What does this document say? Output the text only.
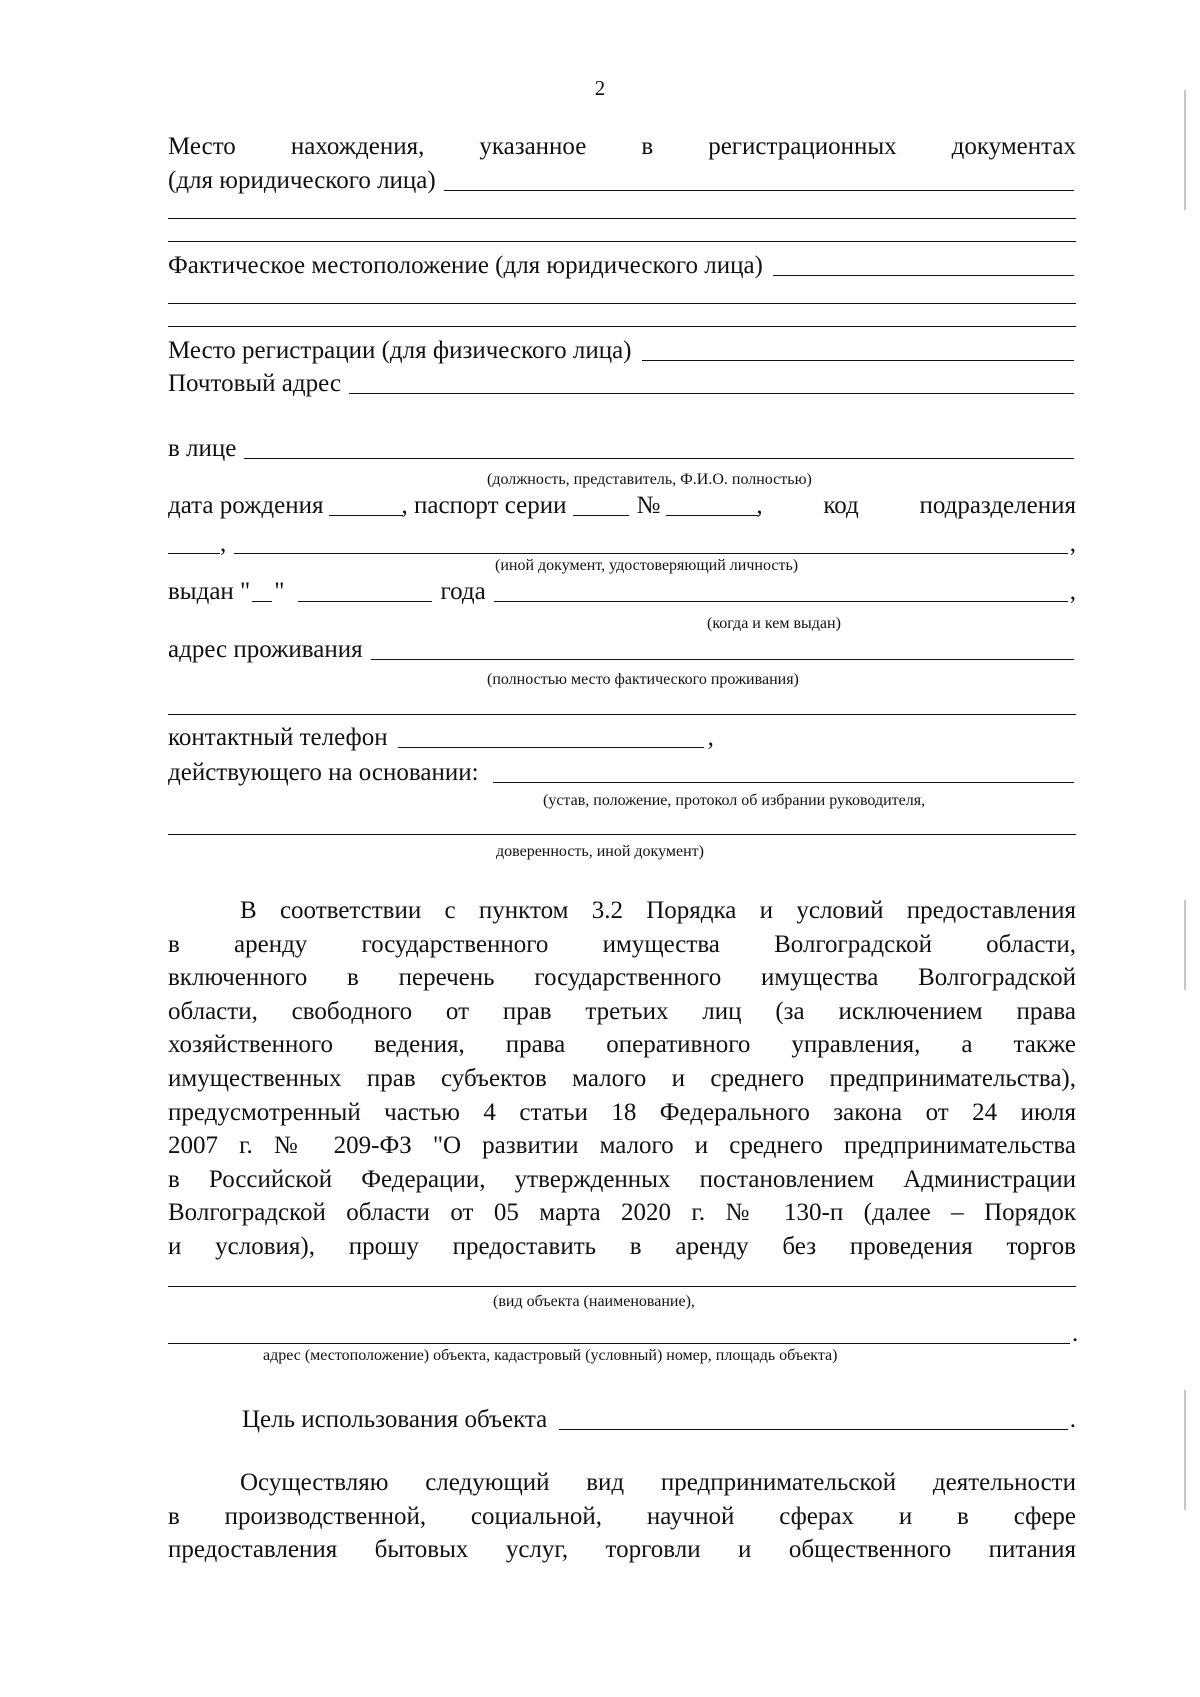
2
Место нахождения, указанное в регистрационных документах
(для юридического лица)
Фактическое местоположение (для юридического лица)
Место регистрации (для физического лица)
Почтовый адрес
в лице
(должность, представитель, Ф.И.О. полностью)
дата рождения	, паспорт серии	№	, код подразделения
,	,
(иной документ, удостоверяющий личность)
выдан " "	года	,
(когда и кем выдан)
адрес проживания
(полностью место фактического проживания)
контактный телефон	,
действующего на основании:
(устав, положение, протокол об избрании руководителя,
доверенность, иной документ)
В соответствии с пунктом 3.2 Порядка и условий предоставления
в аренду государственного имущества Волгоградской области,
включенного в перечень государственного имущества Волгоградской
области, свободного от прав третьих лиц (за исключением права
хозяйственного ведения, права оперативного управления, а также
имущественных прав субъектов малого и среднего предпринимательства),
предусмотренный частью 4 статьи 18 Федерального закона от 24 июля
2007 г. № 209-ФЗ "О развитии малого и среднего предпринимательства
в Российской Федерации, утвержденных постановлением Администрации
Волгоградской области от 05 марта 2020 г. № 130-п (далее – Порядок
и условия), прошу предоставить в аренду без проведения торгов
(вид объекта (наименование),
.
адрес (местоположение) объекта, кадастровый (условный) номер, площадь объекта)
Цель использования объекта	.
Осуществляю следующий вид предпринимательской деятельности
в производственной, социальной, научной сферах и в сфере
предоставления бытовых услуг, торговли и общественного питания
